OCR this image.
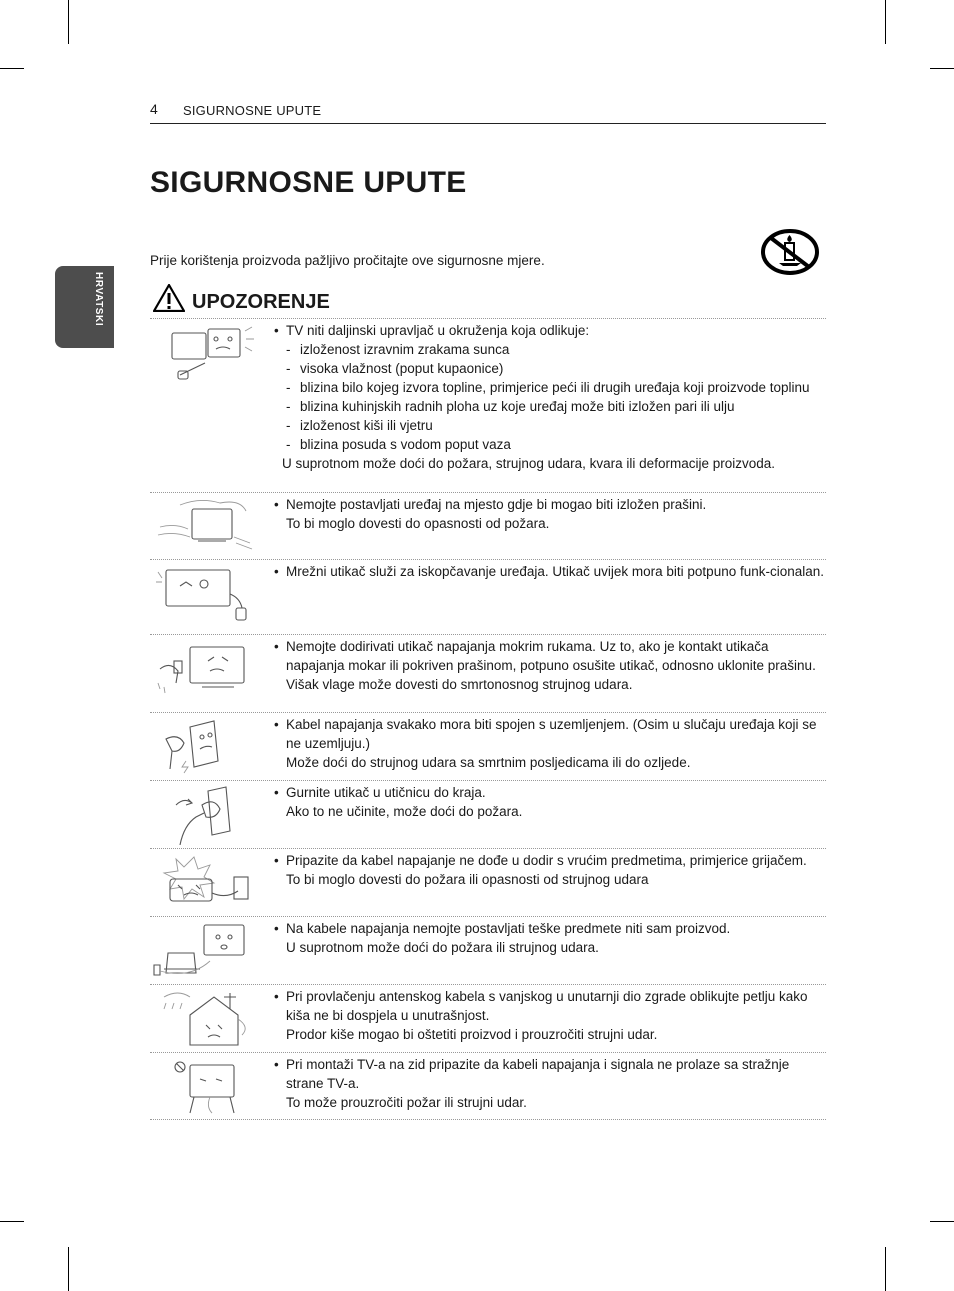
4 SIGURNOSNE UPUTE
HRVATSKI
SIGURNOSNE UPUTE
Prije korištenja proizvoda pažljivo pročitajte ove sigurnosne mjere.
UPOZORENJE
• TV niti daljinski upravljač u okruženja koja odlikuje:
- izloženost izravnim zrakama sunca
- visoka vlažnost (poput kupaonice)
- blizina bilo kojeg izvora topline, primjerice peći ili drugih uređaja koji proizvode toplinu
- blizina kuhinjskih radnih ploha uz koje uređaj može biti izložen pari ili ulju
- izloženost kiši ili vjetru
- blizina posuda s vodom poput vaza
U suprotnom može doći do požara, strujnog udara, kvara ili deformacije proizvoda.
• Nemojte postavljati uređaj na mjesto gdje bi mogao biti izložen prašini.
To bi moglo dovesti do opasnosti od požara.
• Mrežni utikač služi za iskopčavanje uređaja. Utikač uvijek mora biti potpuno funk-cionalan.
• Nemojte dodirivati utikač napajanja mokrim rukama. Uz to, ako je kontakt utikača napajanja mokar ili pokriven prašinom, potpuno osušite utikač, odnosno uklonite prašinu.
Višak vlage može dovesti do smrtonosnog strujnog udara.
• Kabel napajanja svakako mora biti spojen s uzemljenjem. (Osim u slučaju uređaja koji se ne uzemljuju.)
Može doći do strujnog udara sa smrtnim posljedicama ili do ozljede.
• Gurnite utikač u utičnicu do kraja.
Ako to ne učinite, može doći do požara.
• Pripazite da kabel napajanje ne dođe u dodir s vrućim predmetima, primjerice grijačem.
To bi moglo dovesti do požara ili opasnosti od strujnog udara
• Na kabele napajanja nemojte postavljati teške predmete niti sam proizvod.
U suprotnom može doći do požara ili strujnog udara.
• Pri provlačenju antenskog kabela s vanjskog u unutarnji dio zgrade oblikujte petlju kako kiša ne bi dospjela u unutrašnjost.
Prodor kiše mogao bi oštetiti proizvod i prouzročiti strujni udar.
• Pri montaži TV-a na zid pripazite da kabeli napajanja i signala ne prolaze sa stražnje strane TV-a.
To može prouzročiti požar ili strujni udar.
